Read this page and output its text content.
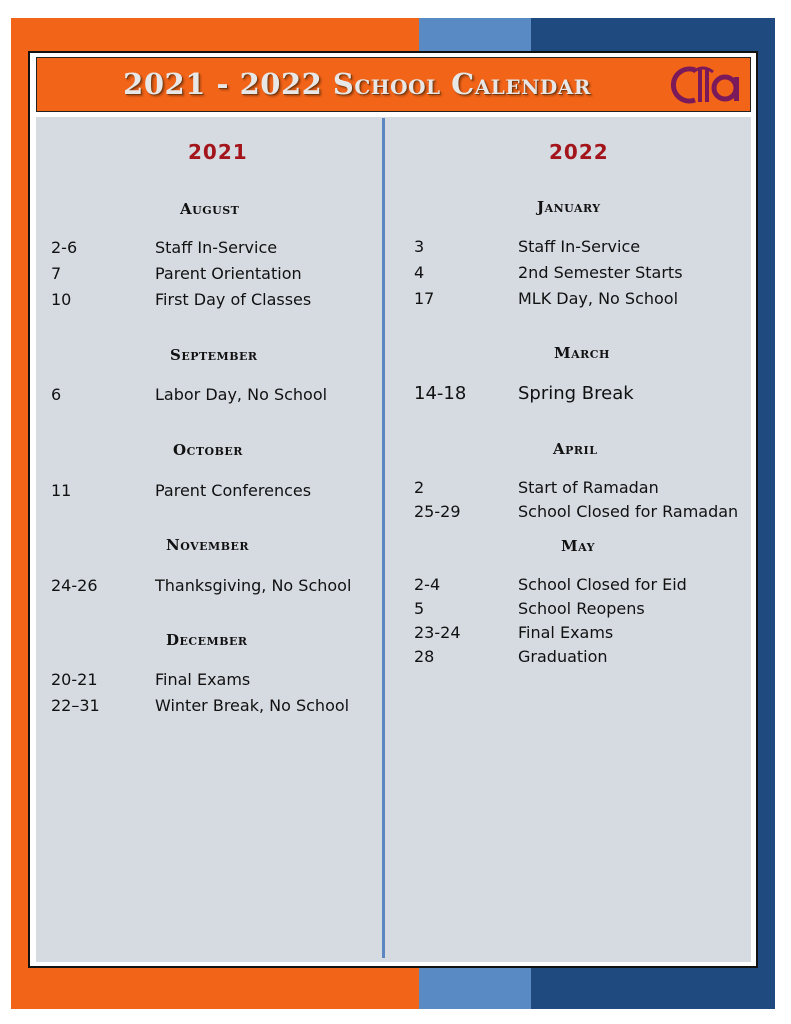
2021 - 2022 School Calendar
2021
August
2-6	Staff In-Service
7	Parent Orientation
10	First Day of Classes
September
6	Labor Day, No School
October
11	Parent Conferences
November
24-26	Thanksgiving, No School
December
20-21	Final Exams
22–31	Winter Break, No School
2022
January
3	Staff In-Service
4	2nd Semester Starts
17	MLK Day, No School
March
14-18	Spring Break
April
2	Start of Ramadan
25-29	School Closed for Ramadan
May
2-4	School Closed for Eid
5	School Reopens
23-24	Final Exams
28	Graduation
